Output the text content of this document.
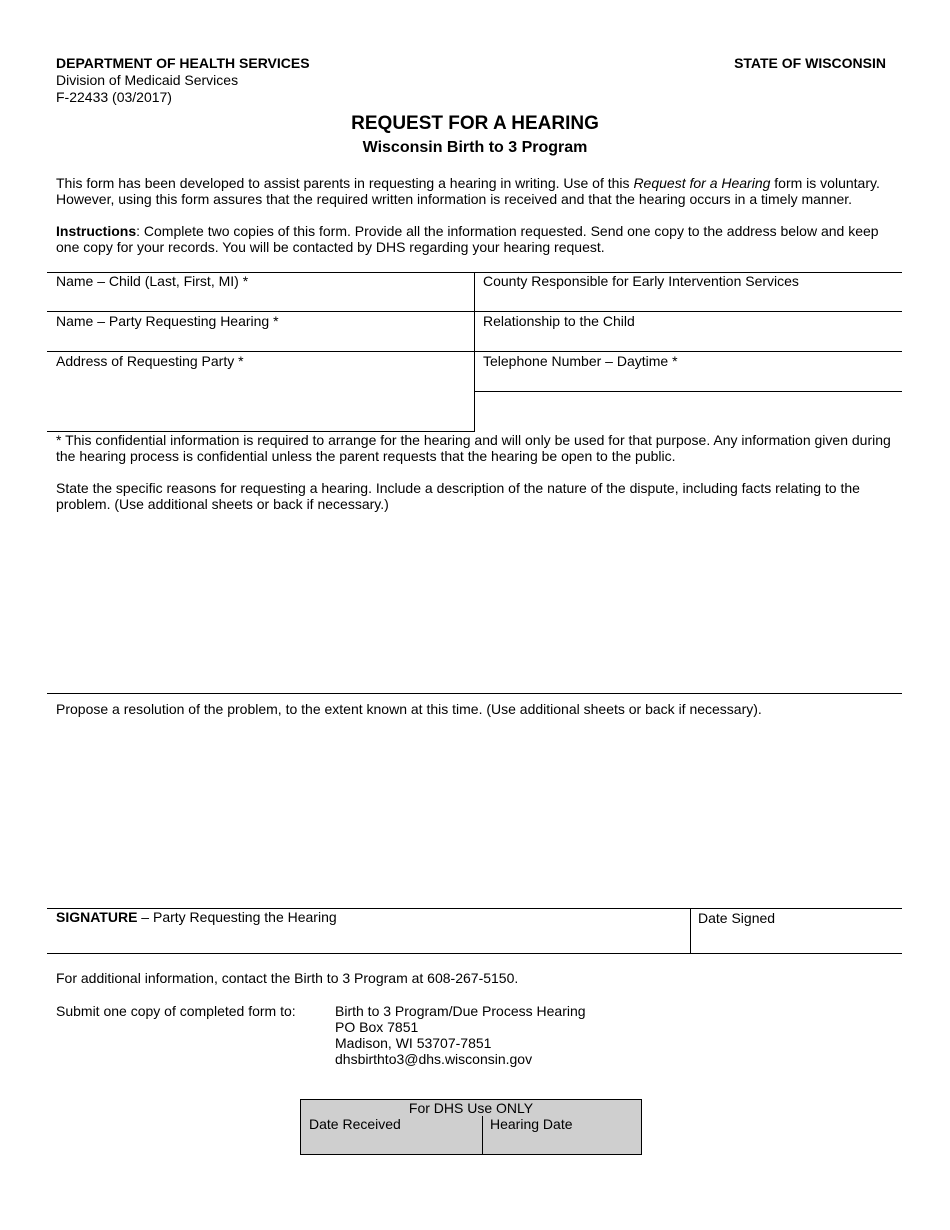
DEPARTMENT OF HEALTH SERVICES
Division of Medicaid Services
F-22433 (03/2017)
STATE OF WISCONSIN
REQUEST FOR A HEARING
Wisconsin Birth to 3 Program
This form has been developed to assist parents in requesting a hearing in writing. Use of this Request for a Hearing form is voluntary. However, using this form assures that the required written information is received and that the hearing occurs in a timely manner.
Instructions: Complete two copies of this form. Provide all the information requested. Send one copy to the address below and keep one copy for your records. You will be contacted by DHS regarding your hearing request.
Name – Child (Last, First, MI) *	County Responsible for Early Intervention Services
Name – Party Requesting Hearing *	Relationship to the Child
Address of Requesting Party *	Telephone Number – Daytime *
* This confidential information is required to arrange for the hearing and will only be used for that purpose. Any information given during the hearing process is confidential unless the parent requests that the hearing be open to the public.
State the specific reasons for requesting a hearing. Include a description of the nature of the dispute, including facts relating to the problem. (Use additional sheets or back if necessary.)
Propose a resolution of the problem, to the extent known at this time. (Use additional sheets or back if necessary).
SIGNATURE – Party Requesting the Hearing	Date Signed
For additional information, contact the Birth to 3 Program at 608-267-5150.
Submit one copy of completed form to:	Birth to 3 Program/Due Process Hearing
PO Box 7851
Madison, WI 53707-7851
dhsbirthto3@dhs.wisconsin.gov
For DHS Use ONLY
Date Received	Hearing Date
